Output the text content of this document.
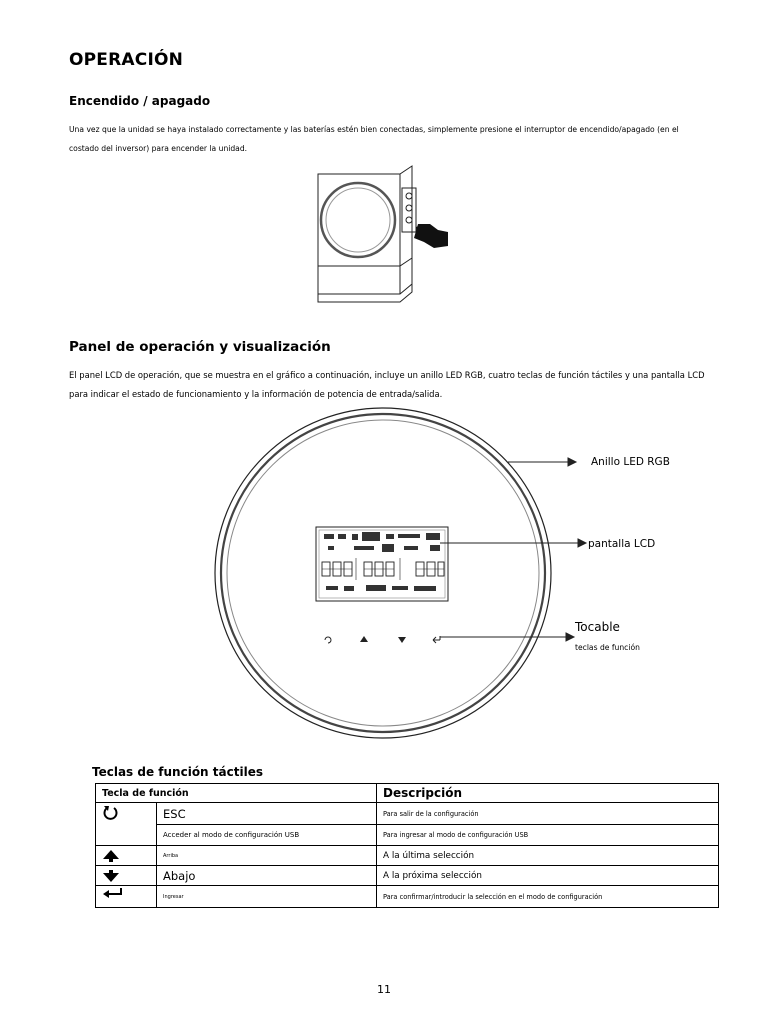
OPERACIÓN
Encendido / apagado
Una vez que la unidad se haya instalado correctamente y las baterías estén bien conectadas, simplemente presione el interruptor de encendido/apagado (en el costado del inversor) para encender la unidad.
Panel de operación y visualización
El panel LCD de operación, que se muestra en el gráfico a continuación, incluye un anillo LED RGB, cuatro teclas de función táctiles y una pantalla LCD para indicar el estado de funcionamiento y la información de potencia de entrada/salida.
Anillo LED RGB
pantalla LCD
Tocable
teclas de función
Teclas de función táctiles
Tecla de función		Descripción
	ESC	Para salir de la configuración
	Acceder al modo de configuración USB	Para ingresar al modo de configuración USB

	Arriba	A la última selección

	Abajo	A la próxima selección

	Ingresar	Para confirmar/introducir la selección en el modo de configuración
11
